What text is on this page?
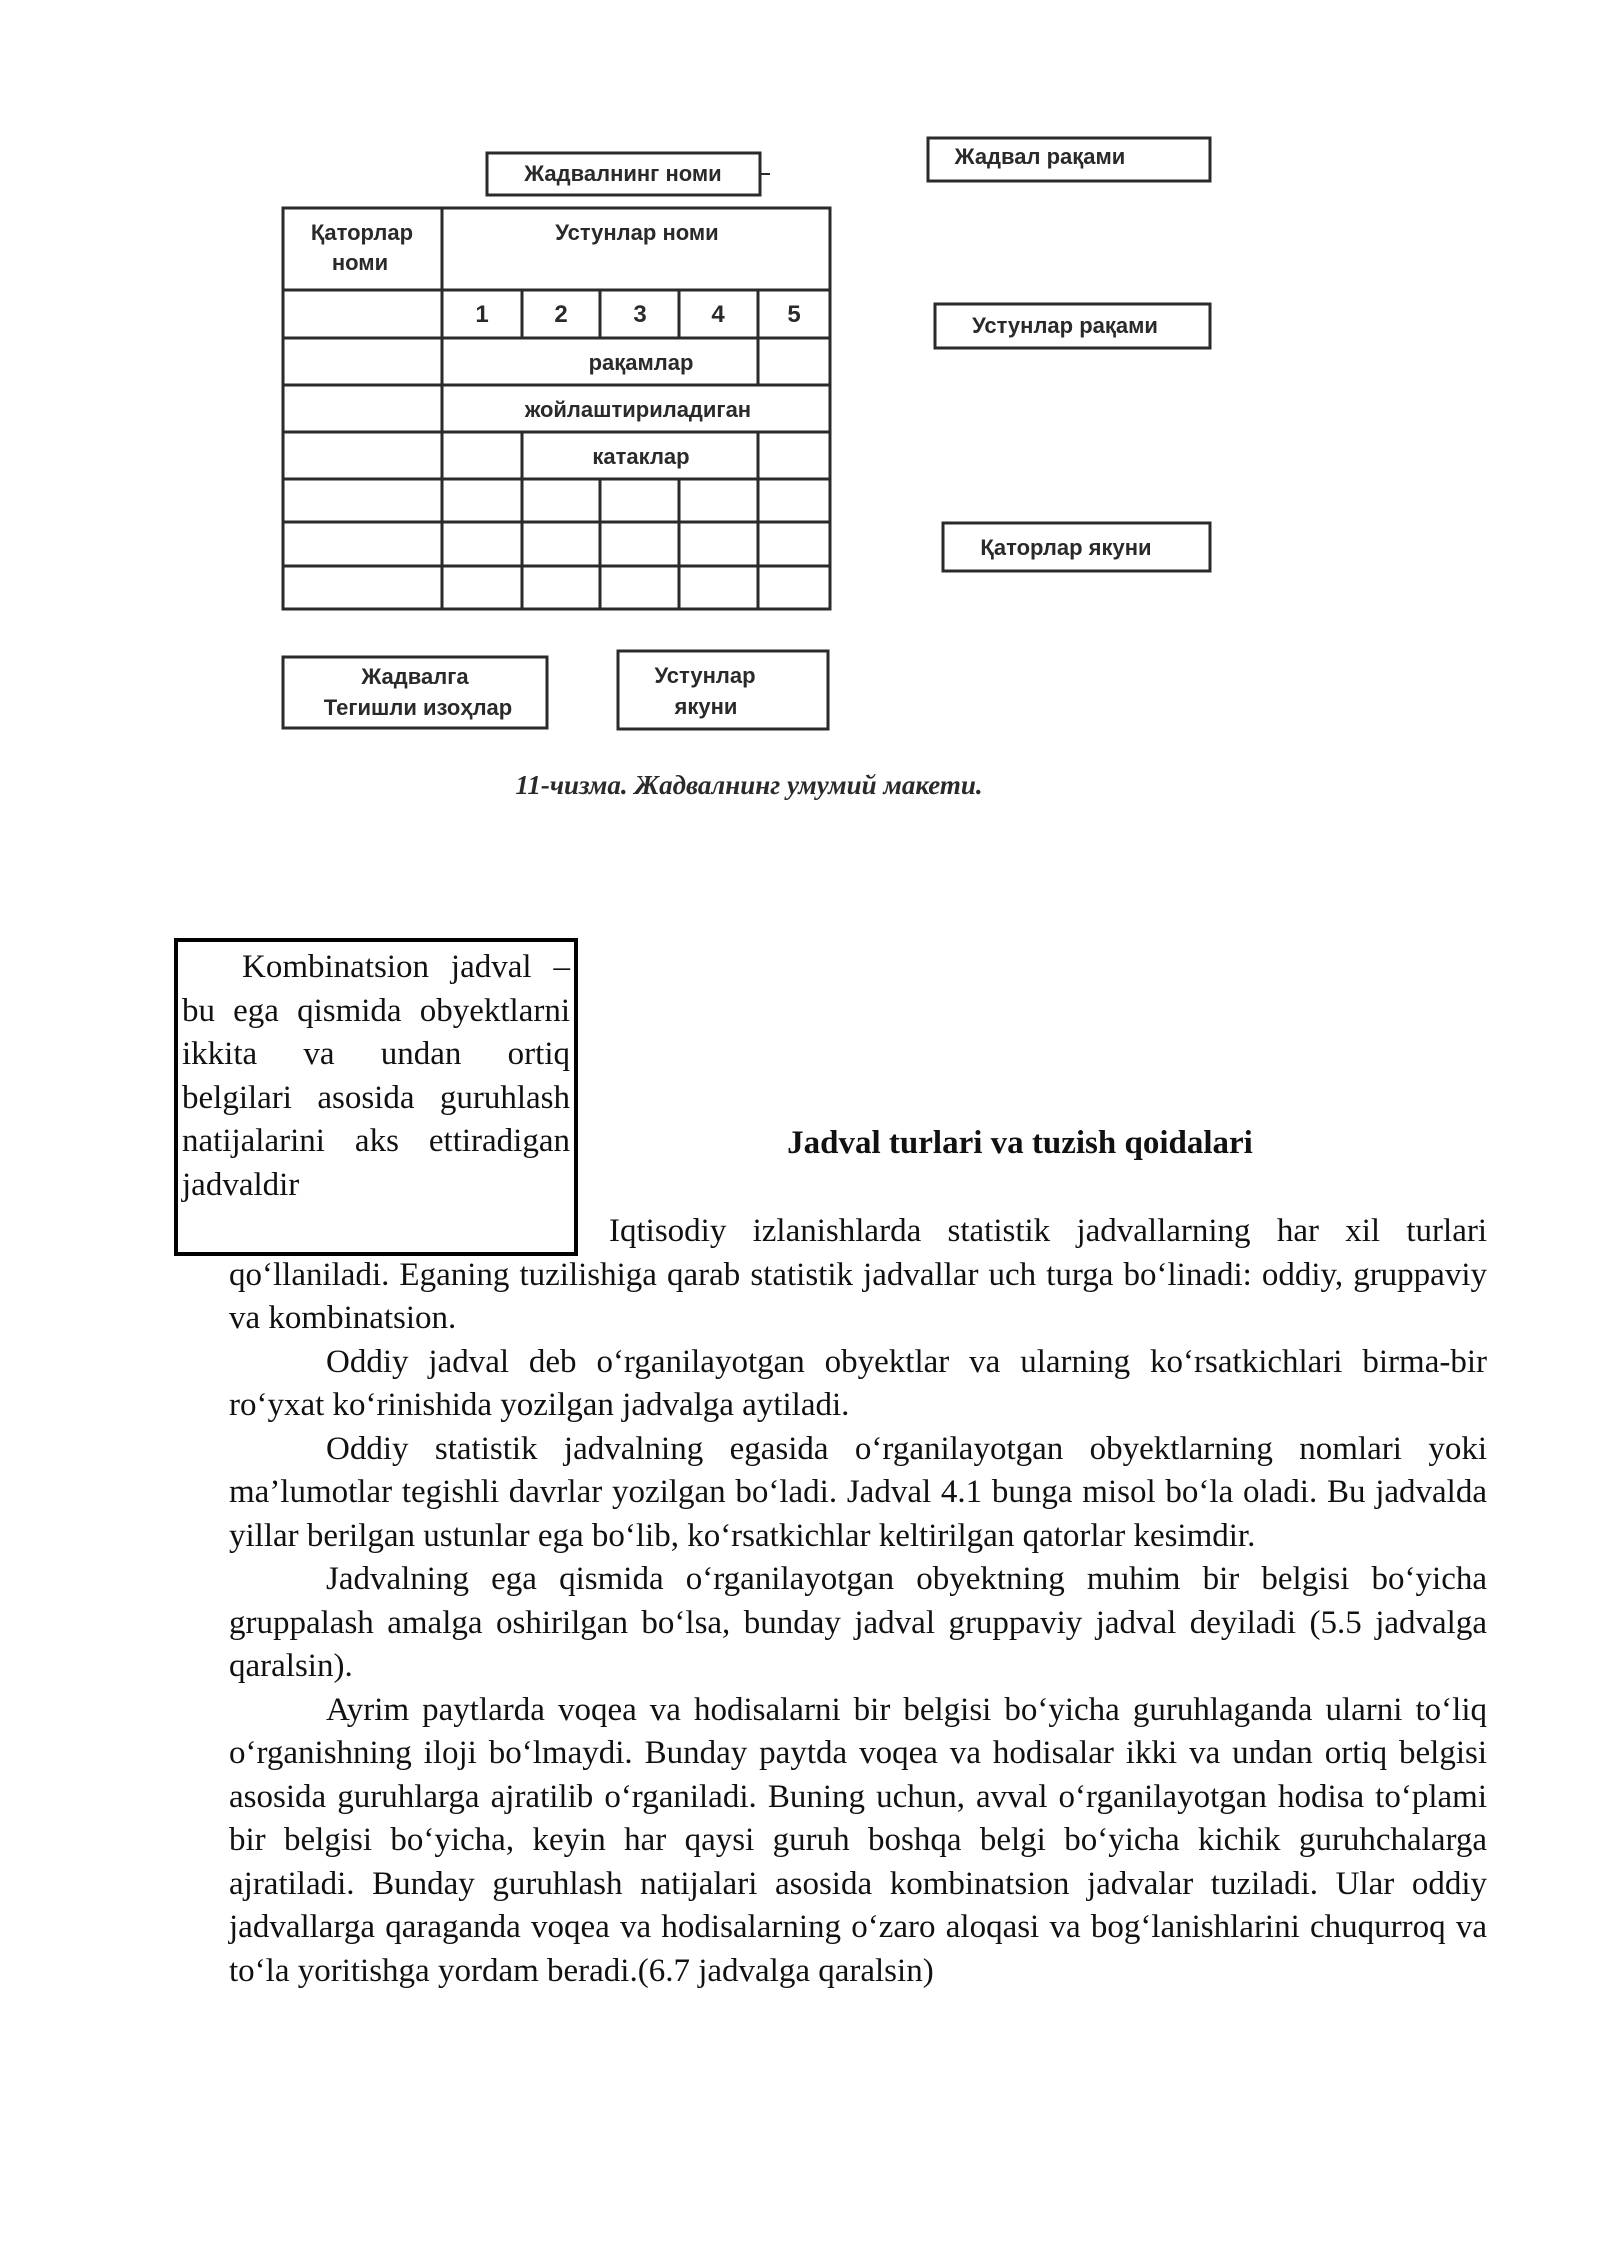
Жадвалнинг номи
Жадвал рақами
Қаторлар
номи
Устунлар номи
1	2	3	4	5
рақамлар
жойлаштириладиган
катаклар
Устунлар рақами
Қаторлар якуни
Жадвалга
Тегишли изоҳлар
Устунлар
якуни
11-чизма. Жадвалнинг умумий макети.
Kombinatsion jadval – bu ega qismida obyektlarni ikkita va undan ortiq belgilari asosida guruhlash natijalarini aks ettiradigan jadvaldir
Jadval turlari va tuzish qoidalari

Iqtisodiy izlanishlarda statistik jadvallarning har xil turlari qo‘llaniladi. Eganing tuzilishiga qarab statistik jadvallar uch turga bo‘linadi: oddiy, gruppaviy va kombinatsion.

Oddiy jadval deb o‘rganilayotgan obyektlar va ularning ko‘rsatkichlari birma-bir ro‘yxat ko‘rinishida yozilgan jadvalga aytiladi.

Oddiy statistik jadvalning egasida o‘rganilayotgan obyektlarning nomlari yoki ma’lumotlar tegishli davrlar yozilgan bo‘ladi. Jadval 4.1 bunga misol bo‘la oladi. Bu jadvalda yillar berilgan ustunlar ega bo‘lib, ko‘rsatkichlar keltirilgan qatorlar kesimdir.

Jadvalning ega qismida o‘rganilayotgan obyektning muhim bir belgisi bo‘yicha gruppalash amalga oshirilgan bo‘lsa, bunday jadval gruppaviy jadval deyiladi (5.5 jadvalga qaralsin).

Ayrim paytlarda voqea va hodisalarni bir belgisi bo‘yicha guruhlaganda ularni to‘liq o‘rganishning iloji bo‘lmaydi. Bunday paytda voqea va hodisalar ikki va undan ortiq belgisi asosida guruhlarga ajratilib o‘rganiladi. Buning uchun, avval o‘rganilayotgan hodisa to‘plami bir belgisi bo‘yicha, keyin har qaysi guruh boshqa belgi bo‘yicha kichik guruhchalarga ajratiladi. Bunday guruhlash natijalari asosida kombinatsion jadvalar tuziladi. Ular oddiy jadvallarga qaraganda voqea va hodisalarning o‘zaro aloqasi va bog‘lanishlarini chuqurroq va to‘la yoritishga yordam beradi.(6.7 jadvalga qaralsin)
